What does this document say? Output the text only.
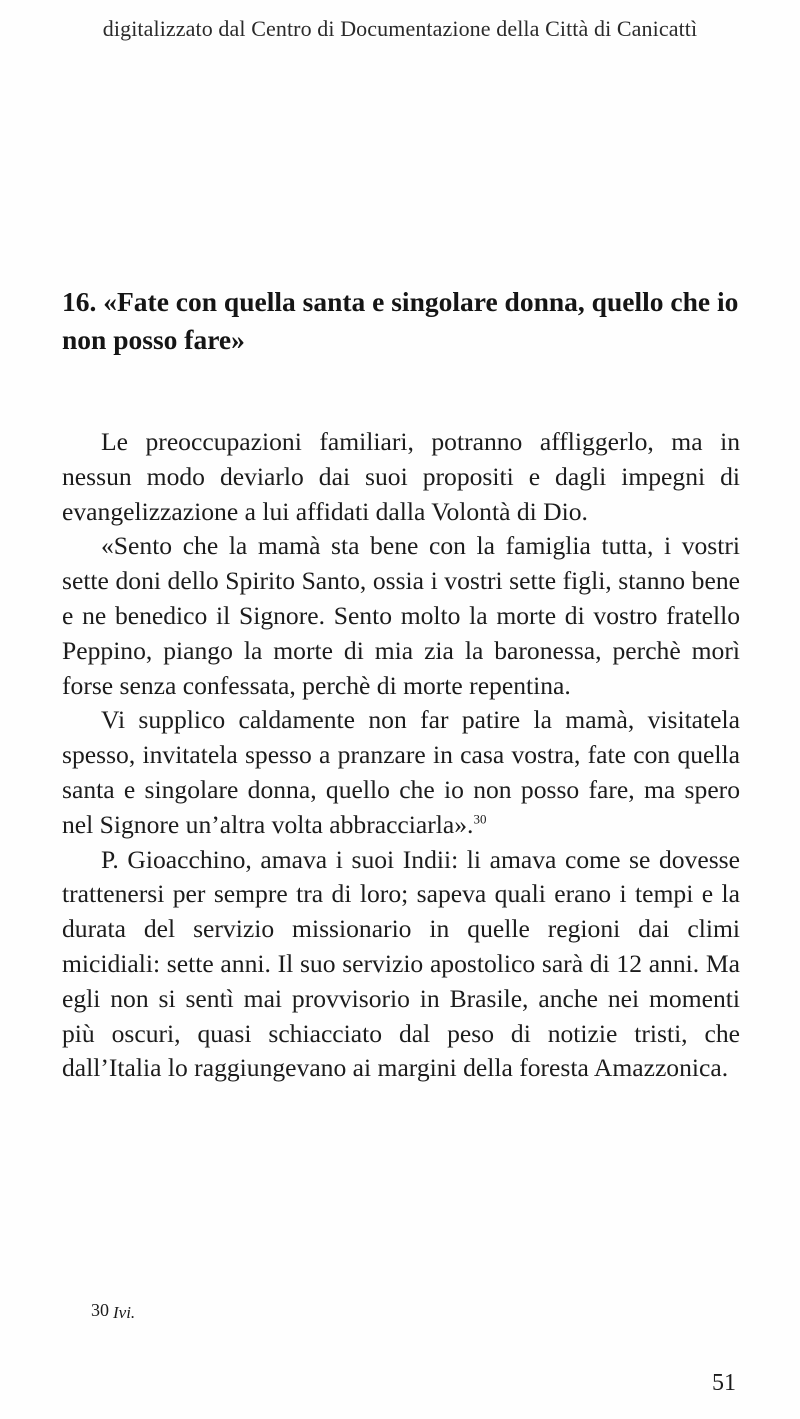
digitalizzato dal Centro di Documentazione della Città di Canicattì
16. «Fate con quella santa e singolare donna, quello che io non posso fare»

Le preoccupazioni familiari, potranno affliggerlo, ma in nessun modo deviarlo dai suoi propositi e dagli impegni di evangelizzazione a lui affidati dalla Volontà di Dio.

«Sento che la mamà sta bene con la famiglia tutta, i vostri sette doni dello Spirito Santo, ossia i vostri sette figli, stanno bene e ne benedico il Signore. Sento molto la morte di vostro fratello Peppino, piango la morte di mia zia la baronessa, perchè morì forse senza confessata, perchè di morte repentina.

Vi supplico caldamente non far patire la mamà, visitatela spesso, invitatela spesso a pranzare in casa vostra, fate con quella santa e singolare donna, quello che io non posso fare, ma spero nel Signore un’altra volta abbracciarla».$^{30}$

P. Gioacchino, amava i suoi Indii: li amava come se dovesse trattenersi per sempre tra di loro; sapeva quali erano i tempi e la durata del servizio missionario in quelle regioni dai climi micidiali: sette anni. Il suo servizio apostolico sarà di 12 anni. Ma egli non si sentì mai provvisorio in Brasile, anche nei momenti più oscuri, quasi schiacciato dal peso di notizie tristi, che dall’Italia lo raggiungevano ai margini della foresta Amazzonica.

30 Ivi.
51
